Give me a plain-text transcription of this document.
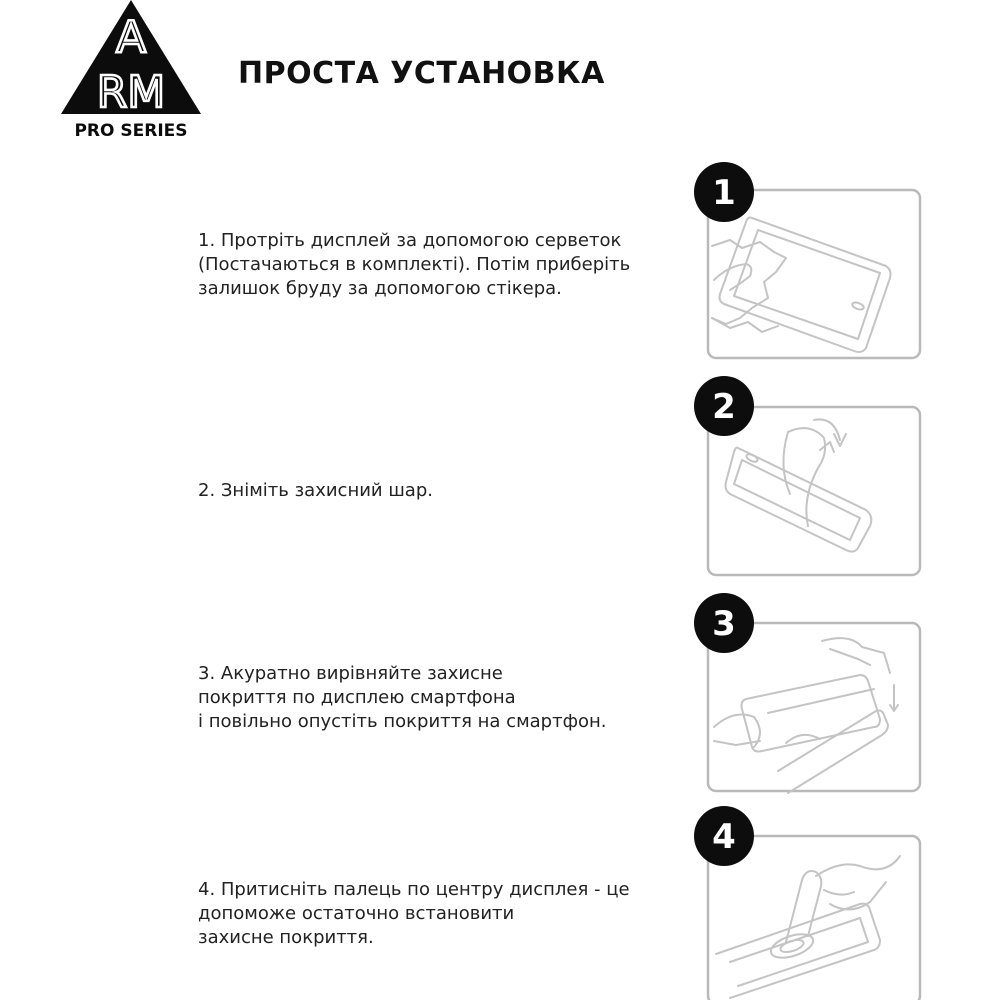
A
RM
PRO SERIES
ПРОСТА УСТАНОВКА
1. Протріть дисплей за допомогою серветок
(Постачаються в комплекті). Потім приберіть
залишок бруду за допомогою стікера.
2. Зніміть захисний шар.
3. Акуратно вирівняйте захисне
покриття по дисплею смартфона
і повільно опустіть покриття на смартфон.
4. Притисніть палець по центру дисплея - це
допоможе остаточно встановити
захисне покриття.
1
2
3
4
